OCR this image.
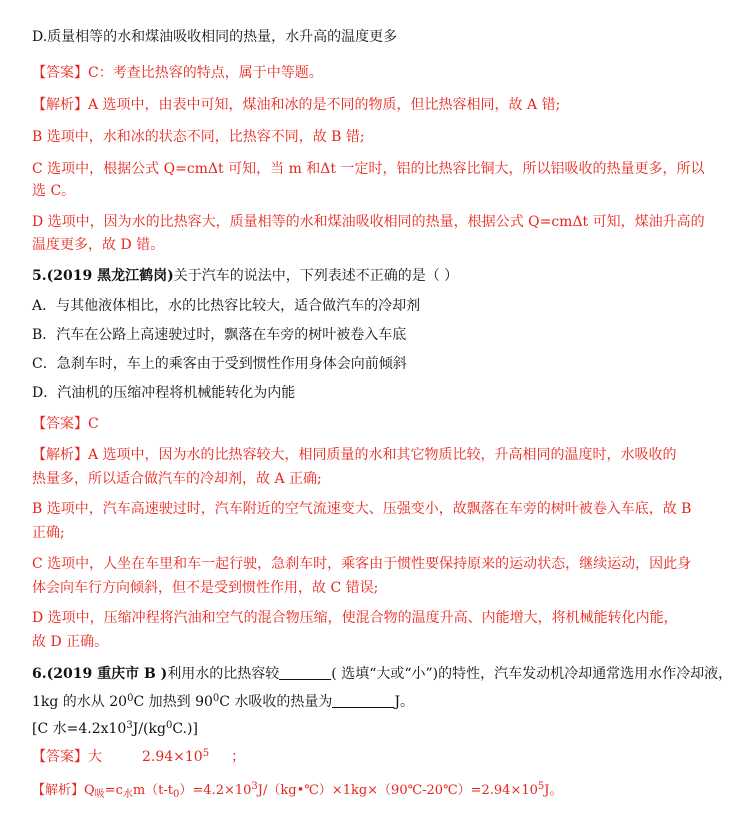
D.质量相等的水和煤油吸收相同的热量，水升高的温度更多
【答案】C：考查比热容的特点，属于中等题。
【解析】A 选项中，由表中可知，煤油和冰的是不同的物质，但比热容相同，故 A 错;
B 选项中，水和冰的状态不同，比热容不同，故 B 错;
C 选项中，根据公式 Q=cmΔt 可知，当 m 和Δt 一定时，铝的比热容比铜大，所以铝吸收的热量更多，所以
选 C。
D 选项中，因为水的比热容大，质量相等的水和煤油吸收相同的热量，根据公式 Q=cmΔt 可知，煤油升高的
温度更多，故 D 错。
5.(2019 黑龙江鹤岗)关于汽车的说法中，下列表述不正确的是（ ）
A．与其他液体相比，水的比热容比较大，适合做汽车的冷却剂
B．汽车在公路上高速驶过时，飘落在车旁的树叶被卷入车底
C．急刹车时，车上的乘客由于受到惯性作用身体会向前倾斜
D．汽油机的压缩冲程将机械能转化为内能
【答案】C
【解析】A 选项中，因为水的比热容较大，相同质量的水和其它物质比较，升高相同的温度时，水吸收的
热量多，所以适合做汽车的冷却剂，故 A 正确;
B 选项中，汽车高速驶过时，汽车附近的空气流速变大、压强变小，故飘落在车旁的树叶被卷入车底，故 B
正确;
C 选项中，人坐在车里和车一起行驶，急刹车时，乘客由于惯性要保持原来的运动状态，继续运动，因此身
体会向车行方向倾斜，但不是受到惯性作用，故 C 错误;
D 选项中，压缩冲程将汽油和空气的混合物压缩，使混合物的温度升高、内能增大，将机械能转化内能，
故 D 正确。
6.(2019 重庆市 B )利用水的比热容较	( 选填“大或“小”)的特性，汽车发动机冷却通常选用水作冷却液，
1kg 的水从 $20^0C$ 加热到 $90^0C$ 水吸收的热量为	J。
[C 水$=4.2x10^3J/(kg^0C.)$]
【答案】大	$2.94\times 10^5$ ；
【解析】$Q_吸=c_水m(t-t_0)=4.2\times 10^3J/(kg•℃)\times 1kg\times(90℃-20℃)=2.94\times 10^5J$。
